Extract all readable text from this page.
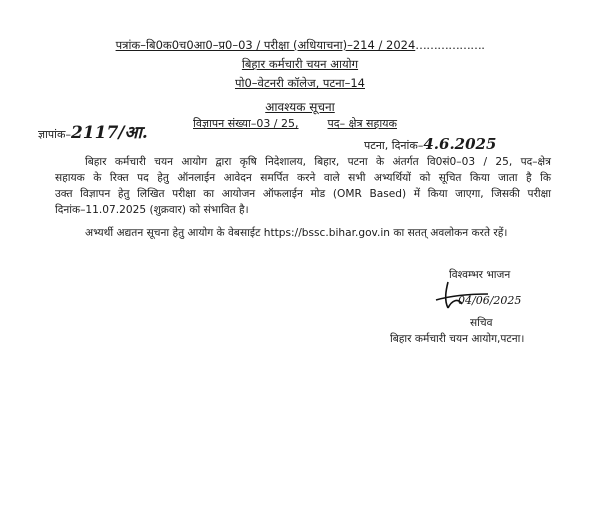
पत्रांक–बि0क0च0आ0–प्र0–03 / परीक्षा (अधियाचना)–214 / 2024……………….
बिहार कर्मचारी चयन आयोग
पो0–वेटनरी कॉलेज, पटना–14
आवश्यक सूचना
विज्ञापन संख्या–03 / 25,	पद– क्षेत्र सहायक
ज्ञापांक–2117/आ.
पटना, दिनांक–4.6.2025
बिहार कर्मचारी चयन आयोग द्वारा कृषि निदेशालय, बिहार, पटना के अंतर्गत वि0सं0–03 / 25, पद–क्षेत्र
सहायक के रिक्त पद हेतु ऑनलाईन आवेदन समर्पित करने वाले सभी अभ्यर्थियों को सूचित किया जाता है कि
उक्त विज्ञापन हेतु लिखित परीक्षा का आयोजन ऑफलाईन मोड (OMR Based) में किया जाएगा, जिसकी परीक्षा
दिनांक–11.07.2025 (शुक्रवार) को संभावित है।
अभ्यर्थी अद्यतन सूचना हेतु आयोग के वेबसाईट https://bssc.bihar.gov.in का सतत् अवलोकन करते रहें।
विश्वम्भर भाजन
04/06/2025
सचिव
बिहार कर्मचारी चयन आयोग,पटना।
